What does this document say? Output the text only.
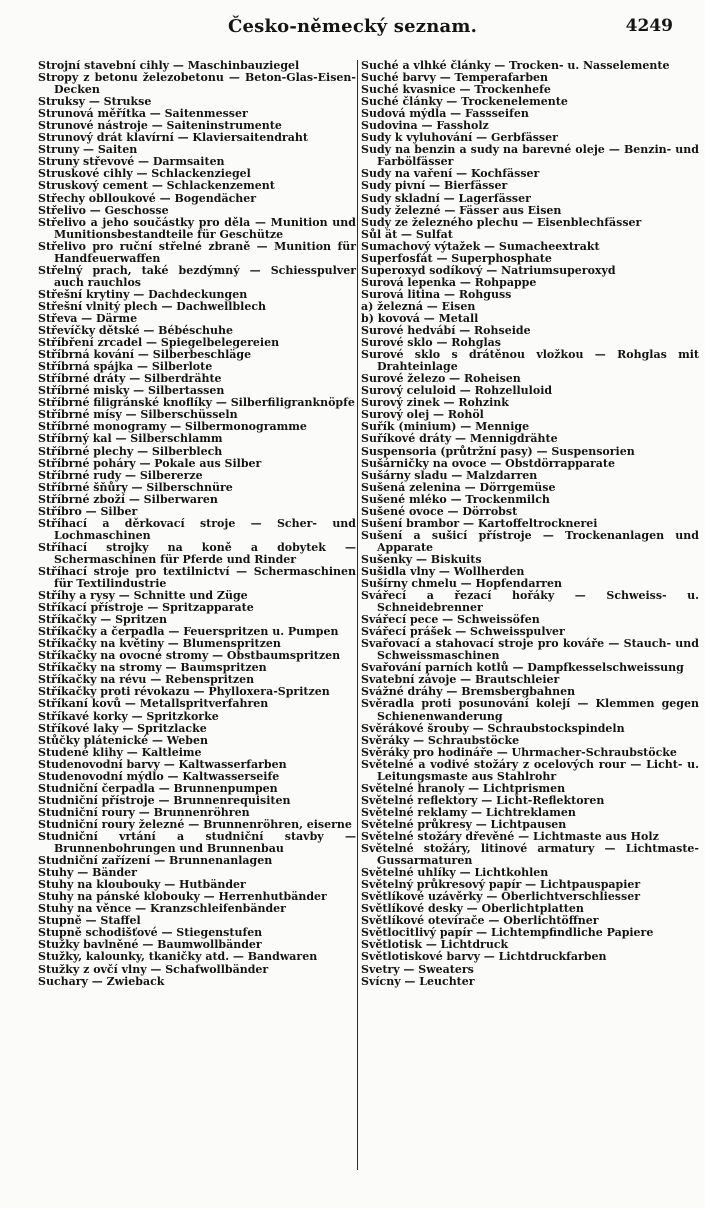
Česko-německý seznam.	4249
Strojní stavební cihly — Maschinbauziegel
Stropy z betonu železobetonu — Beton-Glas-Eisen-Decken
Struksy — Strukse
Strunová měřítka — Saitenmesser
Strunové nástroje — Saiteninstrumente
Strunový drát klavírní — Klaviersaitendraht
Struny — Saiten
Struny střevové — Darmsaiten
Struskové cihly — Schlackenziegel
Struskový cement — Schlackenzement
Střechy oblloukové — Bogendächer
Střelivo — Geschosse
Střelivo a jeho součástky pro děla — Munition und Munitionsbestandteile für Geschütze
Střelivo pro ruční střelné zbraně — Munition für Handfeuerwaffen
Střelný prach, také bezdýmný — Schiesspulver auch rauchlos
Střešní krytiny — Dachdeckungen
Střešní vlnitý plech — Dachwellblech
Střeva — Därme
Střevíčky dětské — Bébéschuhe
Stříbření zrcadel — Spiegelbelegereien
Stříbrná kování — Silberbeschläge
Stříbrná spájka — Silberlote
Stříbrné dráty — Silberdrähte
Stříbrné misky — Silbertassen
Stříbrné filigránské knoflíky — Silberfiligranknöpfe
Stříbrné mísy — Silberschüsseln
Stříbrné monogramy — Silbermonogramme
Stříbrný kal — Silberschlamm
Stříbrné plechy — Silberblech
Stříbrné poháry — Pokale aus Silber
Stříbrné rudy — Silbererze
Stříbrné šňůry — Silberschnüre
Stříbrné zboží — Silberwaren
Stříbro — Silber
Stříhací a děrkovací stroje — Scher- und Lochmaschinen
Stříhací strojky na koně a dobytek — Schermaschinen für Pferde und Rinder
Stříhací stroje pro textilnictví — Schermaschinen für Textilindustrie
Stříhy a rysy — Schnitte und Züge
Stříkací přístroje — Spritzapparate
Stříkačky — Spritzen
Stříkačky a čerpadla — Feuerspritzen u. Pumpen
Stříkačky na květiny — Blumenspritzen
Stříkačky na ovocné stromy — Obstbaumspritzen
Stříkačky na stromy — Baumspritzen
Stříkačky na révu — Rebenspritzen
Stříkačky proti révokazu — Phylloxera-Spritzen
Stříkaní kovů — Metallspritverfahren
Stříkavé korky — Spritzkorke
Stříkové laky — Spritzlacke
Stůčky plátenické — Weben
Studené klihy — Kaltleime
Studenovodní barvy — Kaltwasserfarben
Studenovodní mýdlo — Kaltwasserseife
Studniční čerpadla — Brunnenpumpen
Studniční přístroje — Brunnenrequisiten
Studniční roury — Brunnenröhren
Studniční roury železné — Brunnenröhren, eiserne
Studniční vrtání a studniční stavby — Brunnenbohrungen und Brunnenbau
Studniční zařízení — Brunnenanlagen
Stuhy — Bänder
Stuhy na kloubouky — Hutbänder
Stuhy na pánské klobouky — Herrenhutbänder
Stuhy na věnce — Kranzschleifenbänder
Stupně — Staffel
Stupně schodišťové — Stiegenstufen
Stužky bavlněné — Baumwollbänder
Stužky, kalounky, tkaničky atd. — Bandwaren
Stužky z ovčí vlny — Schafwollbänder
Suchary — Zwieback
Suché a vlhké články — Trocken- u. Nasselemente
Suché barvy — Temperafarben
Suché kvasnice — Trockenhefe
Suché články — Trockenelemente
Sudová mýdla — Fassseifen
Sudovina — Fassholz
Sudy k vyluhování — Gerbfässer
Sudy na benzin a sudy na barevné oleje — Benzin- und Farbölfässer
Sudy na vaření — Kochfässer
Sudy pivní — Bierfässer
Sudy skladní — Lagerfässer
Sudy železné — Fässer aus Eisen
Sudy ze železného plechu — Eisenblechfässer
Sůl ät — Sulfat
Sumachový výtažek — Sumacheextrakt
Superfosfát — Superphosphate
Superoxyd sodíkový — Natriumsuperoxyd
Surová lepenka — Rohpappe
Surová litina — Rohguss
a) železná — Eisen
b) kovová — Metall
Surové hedvábí — Rohseide
Surové sklo — Rohglas
Surové sklo s drátěnou vložkou — Rohglas mit Drahteinlage
Surové železo — Roheisen
Surový celuloid — Rohzelluloid
Surový zinek — Rohzink
Surový olej — Rohöl
Suřík (minium) — Mennige
Suříkové dráty — Mennigdrähte
Suspensoria (průtržní pasy) — Suspensorien
Sušárničky na ovoce — Obstdörrapparate
Sušárny sladu — Malzdarren
Sušená zelenina — Dörrgemüse
Sušené mléko — Trockenmilch
Sušené ovoce — Dörrobst
Sušení brambor — Kartoffeltrocknerei
Sušení a sušicí přístroje — Trockenanlagen und Apparate
Sušenky — Biskuits
Sušidla vlny — Wollherden
Sušírny chmelu — Hopfendarren
Svářecí a řezací hořáky — Schweiss- u. Schneidebrenner
Svářecí pece — Schweissöfen
Svářecí prášek — Schweisspulver
Svařovací a stahovací stroje pro kováře — Stauch- und Schweissmaschinen
Svařování parních kotlů — Dampfkesselschweissung
Svatební závoje — Brautschleier
Svážné dráhy — Bremsbergbahnen
Svěradla proti posunování kolejí — Klemmen gegen Schienenwanderung
Svěrákové šrouby — Schraubstockspindeln
Svěráky — Schraubstöcke
Svěráky pro hodináře — Uhrmacher-Schraubstöcke
Světelné a vodivé stožáry z ocelových rour — Licht- u. Leitungsmaste aus Stahlrohr
Světelné hranoly — Lichtprismen
Světelné reflektory — Licht-Reflektoren
Světelné reklamy — Lichtreklamen
Světelné průkresy — Lichtpausen
Světelné stožáry dřevěné — Lichtmaste aus Holz
Světelné stožáry, litinové armatury — Lichtmaste-Gussarmaturen
Světelné uhlíky — Lichtkohlen
Světelný průkresový papír — Lichtpauspapier
Světlíkové uzávěrky — Oberlichtverschliesser
Světlíkové desky — Oberlichtplatten
Světlíkové otevírače — Oberlichtöffner
Světlocitlivý papír — Lichtempfindliche Papiere
Světlotisk — Lichtdruck
Světlotiskové barvy — Lichtdruckfarben
Svetry — Sweaters
Svícny — Leuchter
